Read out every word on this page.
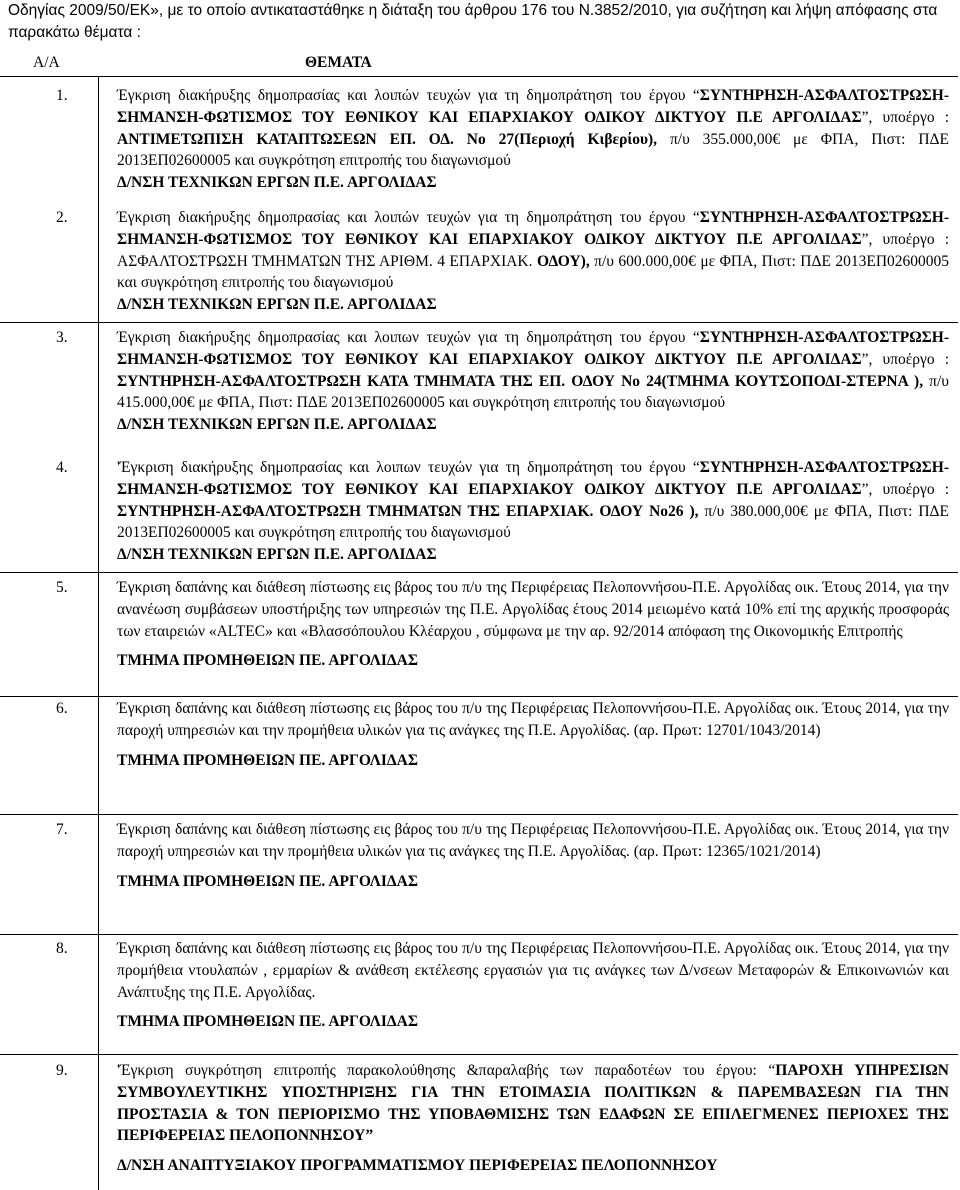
Οδηγίας 2009/50/ΕΚ», με το οποίο αντικαταστάθηκε η διάταξη του άρθρου 176 του Ν.3852/2010, για συζήτηση και λήψη απόφασης στα παρακάτω θέματα :
Α/Α	ΘΕΜΑΤΑ
1.	Έγκριση διακήρυξης δημοπρασίας και λοιπών τευχών για τη δημοπράτηση του έργου “ΣΥΝΤΗΡΗΣΗ-ΑΣΦΑΛΤΟΣΤΡΩΣΗ-ΣΗΜΑΝΣΗ-ΦΩΤΙΣΜΟΣ ΤΟΥ ΕΘΝΙΚΟΥ ΚΑΙ ΕΠΑΡΧΙΑΚΟΥ ΟΔΙΚΟΥ ΔΙΚΤΥΟΥ Π.Ε ΑΡΓΟΛΙΔΑΣ”, υποέργο : ΑΝΤΙΜΕΤΩΠΙΣΗ ΚΑΤΑΠΤΩΣΕΩΝ ΕΠ. ΟΔ. Νο 27(Περιοχή Κιβερίου), π/υ 355.000,00€ με ΦΠΑ, Πιστ: ΠΔΕ 2013ΕΠ02600005 και συγκρότηση επιτροπής του διαγωνισμού
Δ/ΝΣΗ ΤΕΧΝΙΚΩΝ ΕΡΓΩΝ Π.Ε. ΑΡΓΟΛΙΔΑΣ
2.	Έγκριση διακήρυξης δημοπρασίας και λοιπών τευχών για τη δημοπράτηση του έργου “ΣΥΝΤΗΡΗΣΗ-ΑΣΦΑΛΤΟΣΤΡΩΣΗ-ΣΗΜΑΝΣΗ-ΦΩΤΙΣΜΟΣ ΤΟΥ ΕΘΝΙΚΟΥ ΚΑΙ ΕΠΑΡΧΙΑΚΟΥ ΟΔΙΚΟΥ ΔΙΚΤΥΟΥ Π.Ε ΑΡΓΟΛΙΔΑΣ”, υποέργο : ΑΣΦΑΛΤΟΣΤΡΩΣΗ ΤΜΗΜΑΤΩΝ ΤΗΣ ΑΡΙΘΜ. 4 ΕΠΑΡΧΙΑΚ. ΟΔΟΥ), π/υ 600.000,00€ με ΦΠΑ, Πιστ: ΠΔΕ 2013ΕΠ02600005 και συγκρότηση επιτροπής του διαγωνισμού
Δ/ΝΣΗ ΤΕΧΝΙΚΩΝ ΕΡΓΩΝ Π.Ε. ΑΡΓΟΛΙΔΑΣ
3.	Έγκριση διακήρυξης δημοπρασίας και λοιπων τευχών για τη δημοπράτηση του έργου “ΣΥΝΤΗΡΗΣΗ-ΑΣΦΑΛΤΟΣΤΡΩΣΗ-ΣΗΜΑΝΣΗ-ΦΩΤΙΣΜΟΣ ΤΟΥ ΕΘΝΙΚΟΥ ΚΑΙ ΕΠΑΡΧΙΑΚΟΥ ΟΔΙΚΟΥ ΔΙΚΤΥΟΥ Π.Ε ΑΡΓΟΛΙΔΑΣ”, υποέργο : ΣΥΝΤΗΡΗΣΗ-ΑΣΦΑΛΤΟΣΤΡΩΣΗ ΚΑΤΑ ΤΜΗΜΑΤΑ ΤΗΣ ΕΠ. ΟΔΟΥ Νο 24(ΤΜΗΜΑ ΚΟΥΤΣΟΠΟΔΙ-ΣΤΕΡΝΑ ), π/υ 415.000,00€ με ΦΠΑ, Πιστ: ΠΔΕ 2013ΕΠ02600005 και συγκρότηση επιτροπής του διαγωνισμού
Δ/ΝΣΗ ΤΕΧΝΙΚΩΝ ΕΡΓΩΝ Π.Ε. ΑΡΓΟΛΙΔΑΣ
4.	'Έγκριση διακήρυξης δημοπρασίας και λοιπων τευχών για τη δημοπράτηση του έργου “ΣΥΝΤΗΡΗΣΗ-ΑΣΦΑΛΤΟΣΤΡΩΣΗ-ΣΗΜΑΝΣΗ-ΦΩΤΙΣΜΟΣ ΤΟΥ ΕΘΝΙΚΟΥ ΚΑΙ ΕΠΑΡΧΙΑΚΟΥ ΟΔΙΚΟΥ ΔΙΚΤΥΟΥ Π.Ε ΑΡΓΟΛΙΔΑΣ”, υποέργο : ΣΥΝΤΗΡΗΣΗ-ΑΣΦΑΛΤΟΣΤΡΩΣΗ ΤΜΗΜΑΤΩΝ ΤΗΣ ΕΠΑΡΧΙΑΚ. ΟΔΟΥ Νο26 ), π/υ 380.000,00€ με ΦΠΑ, Πιστ: ΠΔΕ 2013ΕΠ02600005 και συγκρότηση επιτροπής του διαγωνισμού
Δ/ΝΣΗ ΤΕΧΝΙΚΩΝ ΕΡΓΩΝ Π.Ε. ΑΡΓΟΛΙΔΑΣ
5.	Έγκριση δαπάνης και διάθεση πίστωσης εις βάρος του π/υ της Περιφέρειας Πελοποννήσου-Π.Ε. Αργολίδας οικ. Έτους 2014, για την ανανέωση συμβάσεων υποστήριξης των υπηρεσιών της Π.Ε. Αργολίδας έτους 2014 μειωμένο κατά 10% επί της αρχικής προσφοράς των εταιρειών «ALTEC» και «Βλασσόπουλου Κλέαρχου , σύμφωνα με την αρ. 92/2014 απόφαση της Οικονομικής Επιτροπής
ΤΜΗΜΑ ΠΡΟΜΗΘΕΙΩΝ ΠΕ. ΑΡΓΟΛΙΔΑΣ
6.	Έγκριση δαπάνης και διάθεση πίστωσης εις βάρος του π/υ της Περιφέρειας Πελοποννήσου-Π.Ε. Αργολίδας οικ. Έτους 2014, για την παροχή υπηρεσιών και την προμήθεια υλικών για τις ανάγκες της Π.Ε. Αργολίδας. (αρ. Πρωτ: 12701/1043/2014)
ΤΜΗΜΑ ΠΡΟΜΗΘΕΙΩΝ ΠΕ. ΑΡΓΟΛΙΔΑΣ
7.	Έγκριση δαπάνης και διάθεση πίστωσης εις βάρος του π/υ της Περιφέρειας Πελοποννήσου-Π.Ε. Αργολίδας οικ. Έτους 2014, για την παροχή υπηρεσιών και την προμήθεια υλικών για τις ανάγκες της Π.Ε. Αργολίδας. (αρ. Πρωτ: 12365/1021/2014)
ΤΜΗΜΑ ΠΡΟΜΗΘΕΙΩΝ ΠΕ. ΑΡΓΟΛΙΔΑΣ
8.	Έγκριση δαπάνης και διάθεση πίστωσης εις βάρος του π/υ της Περιφέρειας Πελοποννήσου-Π.Ε. Αργολίδας οικ. Έτους 2014, για την προμήθεια ντουλαπών , ερμαρίων & ανάθεση εκτέλεσης εργασιών για τις ανάγκες των Δ/νσεων Μεταφορών & Επικοινωνιών και Ανάπτυξης της Π.Ε. Αργολίδας.
ΤΜΗΜΑ ΠΡΟΜΗΘΕΙΩΝ ΠΕ. ΑΡΓΟΛΙΔΑΣ
9.	'Έγκριση συγκρότηση επιτροπής παρακολούθησης &παραλαβής των παραδοτέων του έργου: “ΠΑΡΟΧΗ ΥΠΗΡΕΣΙΩΝ ΣΥΜΒΟΥΛΕΥΤΙΚΗΣ ΥΠΟΣΤΗΡΙΞΗΣ ΓΙΑ ΤΗΝ ΕΤΟΙΜΑΣΙΑ ΠΟΛΙΤΙΚΩΝ & ΠΑΡΕΜΒΑΣΕΩΝ ΓΙΑ ΤΗΝ ΠΡΟΣΤΑΣΙΑ & ΤΟΝ ΠΕΡΙΟΡΙΣΜΟ ΤΗΣ ΥΠΟΒΑΘΜΙΣΗΣ ΤΩΝ ΕΔΑΦΩΝ ΣΕ ΕΠΙΛΕΓΜΕΝΕΣ ΠΕΡΙΟΧΕΣ ΤΗΣ ΠΕΡΙΦΕΡΕΙΑΣ ΠΕΛΟΠΟΝΝΗΣΟΥ”
Δ/ΝΣΗ ΑΝΑΠΤΥΞΙΑΚΟΥ ΠΡΟΓΡΑΜΜΑΤΙΣΜΟΥ ΠΕΡΙΦΕΡΕΙΑΣ ΠΕΛΟΠΟΝΝΗΣΟΥ
